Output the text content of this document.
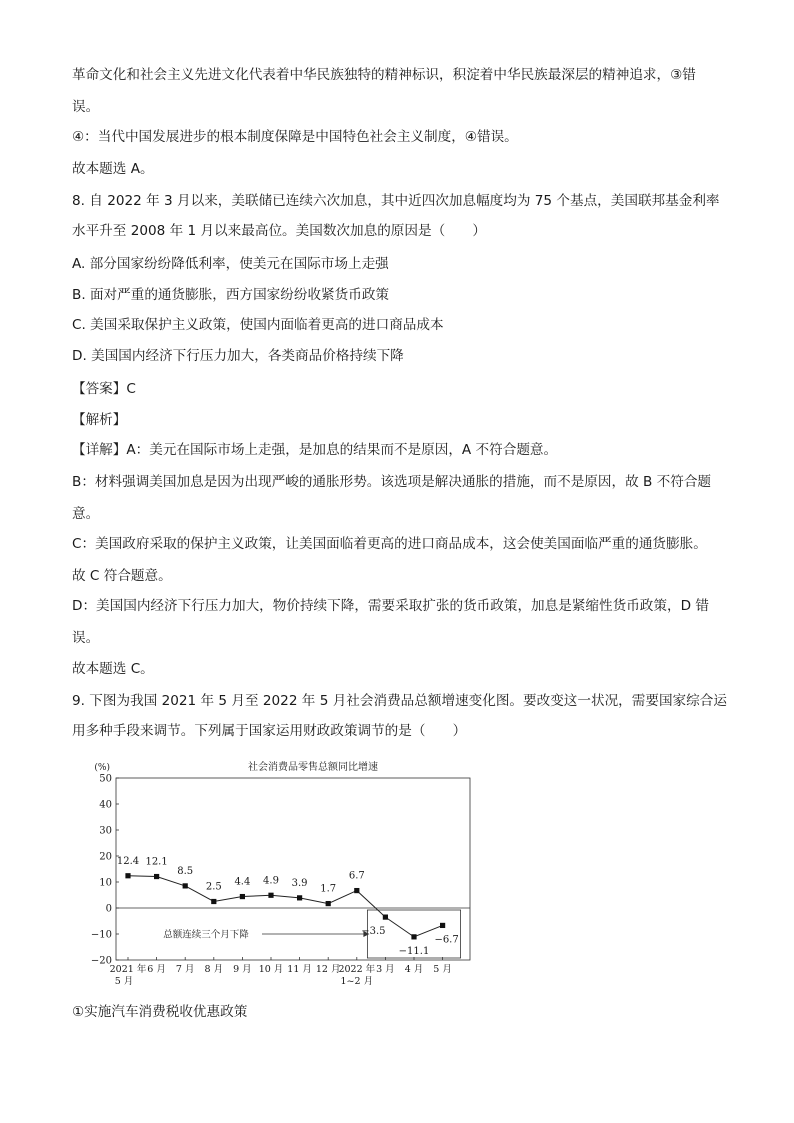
革命文化和社会主义先进文化代表着中华民族独特的精神标识，积淀着中华民族最深层的精神追求，③错
误。
④：当代中国发展进步的根本制度保障是中国特色社会主义制度，④错误。
故本题选 A。
8. 自 2022 年 3 月以来，美联储已连续六次加息，其中近四次加息幅度均为 75 个基点，美国联邦基金利率
水平升至 2008 年 1 月以来最高位。美国数次加息的原因是（　　）
A. 部分国家纷纷降低利率，使美元在国际市场上走强
B. 面对严重的通货膨胀，西方国家纷纷收紧货币政策
C. 美国采取保护主义政策，使国内面临着更高的进口商品成本
D. 美国国内经济下行压力加大，各类商品价格持续下降
【答案】C
【解析】
【详解】A：美元在国际市场上走强，是加息的结果而不是原因，A 不符合题意。
B：材料强调美国加息是因为出现严峻的通胀形势。该选项是解决通胀的措施，而不是原因，故 B 不符合题
意。
C：美国政府采取的保护主义政策，让美国面临着更高的进口商品成本，这会使美国面临严重的通货膨胀。
故 C 符合题意。
D：美国国内经济下行压力加大，物价持续下降，需要采取扩张的货币政策，加息是紧缩性货币政策，D 错
误。
故本题选 C。
9. 下图为我国 2021 年 5 月至 2022 年 5 月社会消费品总额增速变化图。要改变这一状况，需要国家综合运
用多种手段来调节。下列属于国家运用财政政策调节的是（　　）
①实施汽车消费税收优惠政策
50
40
30
20
10
0
−10
−20
(%)	社会消费品零售总额同比增速
总额连续三个月下降
12.4 12.1
8.5
2.5 4.4 4.9 3.9
1.7
6.7
−3.5
−11.1
−6.7
2021 年
5 月
6 月 7 月 8 月 9 月 10 月 11 月 12 月
2022 年
1~2 月
3 月 4 月 5 月
